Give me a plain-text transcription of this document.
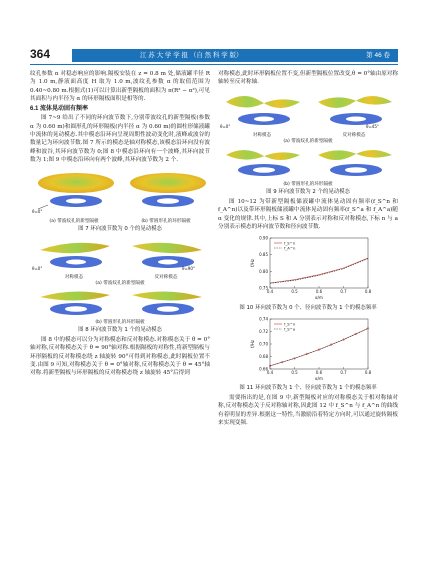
364	江 苏 大 学 学 报 （自 然 科 学 版）	第 46 卷

纹孔参数 α 对稳态响应的影响.隔板安装在 z = 0.8 m 处,储液罐半径 R 为 1.0 m,静液面高度 H 取为 1.0 m,波纹孔参数 α 的取值范围为 0.40~0.80 m.根据式(1)可以计算出新型隔板的面积为 π(R² − α²),可见其面积与内半径为 α 的环形隔板面积是相等的.

6.1 流体晃动固有频率

图 7~9 给出了不同的环向波节数下,分别带波纹孔的新型隔板(参数 α 为 0.60 m)和圆形孔的环形隔板(内半径 α 为 0.60 m)的圆柱形储液罐中流体的晃动模态.其中模态沿环向呈现周期性波动变化时,液峰或波谷的数量记为环向波节数.图 7 所示的模态是轴对称模态,该模态沿环向没有波峰和波谷,其环向波节数为 0;图 8 中模态沿环向有一个波峰,其环向波节数为 1;图 9 中模态沿环向有两个波峰,其环向波节数为 2 个.

θ=0°
(a) 带波纹孔的新型隔板	(b) 带圆形孔的环形隔板
图 7 环向波节数为 0 个的晃动模态
θ=0°	θ=90°
对称模态	反对称模态
(a) 带波纹孔的新型隔板
(b) 带圆形孔的环形隔板
图 8 环向波节数为 1 个的晃动模态

图 8 中的模态可以分为对称模态和反对称模态.对称模态关于 θ = 0°轴对称,反对称模态关于 θ = 90°轴对称.根据隔板的对称性,将新型隔板与环形隔板的反对称模态绕 z 轴旋转 90°可得到对称模态,此时隔板位置不变.由图 9 可知,对称模态关于 θ = 0°轴对称,反对称模态关于 θ = 45°轴对称.将新型隔板与环形隔板的反对称模态绕 z 轴旋转 45°后得到

对称模态,此时环形隔板位置不变,但新型隔板位置改变,θ = 0°轴由原对称轴转至反对称轴.

θ=0°	θ=45°
对称模态	反对称模态
(a) 带波纹孔的新型隔板
(b) 带圆形孔的环形隔板
图 9 环向波节数为 2 个的晃动模态

图 10~12 为带新型隔板储液罐中流体晃动固有频率(f_S^n 和 f_A^n)以及带环形隔板储液罐中流体晃动固有频率(f_S^a 和 f_A^a)随 α 变化的规律.其中,上标 S 和 A 分别表示对称和反对称模态,下标 n 与 a 分别表示模态的环向波节数和径向波节数.

0.75
0.80
0.85
0.90
0.4	0.5	0.6	0.7	0.8
f/Hz
α/m
f_S^n
f_A^n
图 10 环向波节数为 0 个、径向波节数为 1 个的模态频率
0.66
0.68
0.70
0.72
0.74
0.4	0.5	0.6	0.7	0.8
f/Hz
α/m
f_S^n
f_S^a
图 11 环向波节数为 1 个、径向波节数为 1 个的模态频率

需要指出的是,在图 9 中,新型隔板对应的对称模态关于相对称轴对称,反对称模态关于反对称轴对称,因此图 12 中 f_S^n 与 f_A^n 的曲线有着明显的差异.根据这一特性,当激励沿着特定方向时,可以通过旋转隔板来实现变频.
